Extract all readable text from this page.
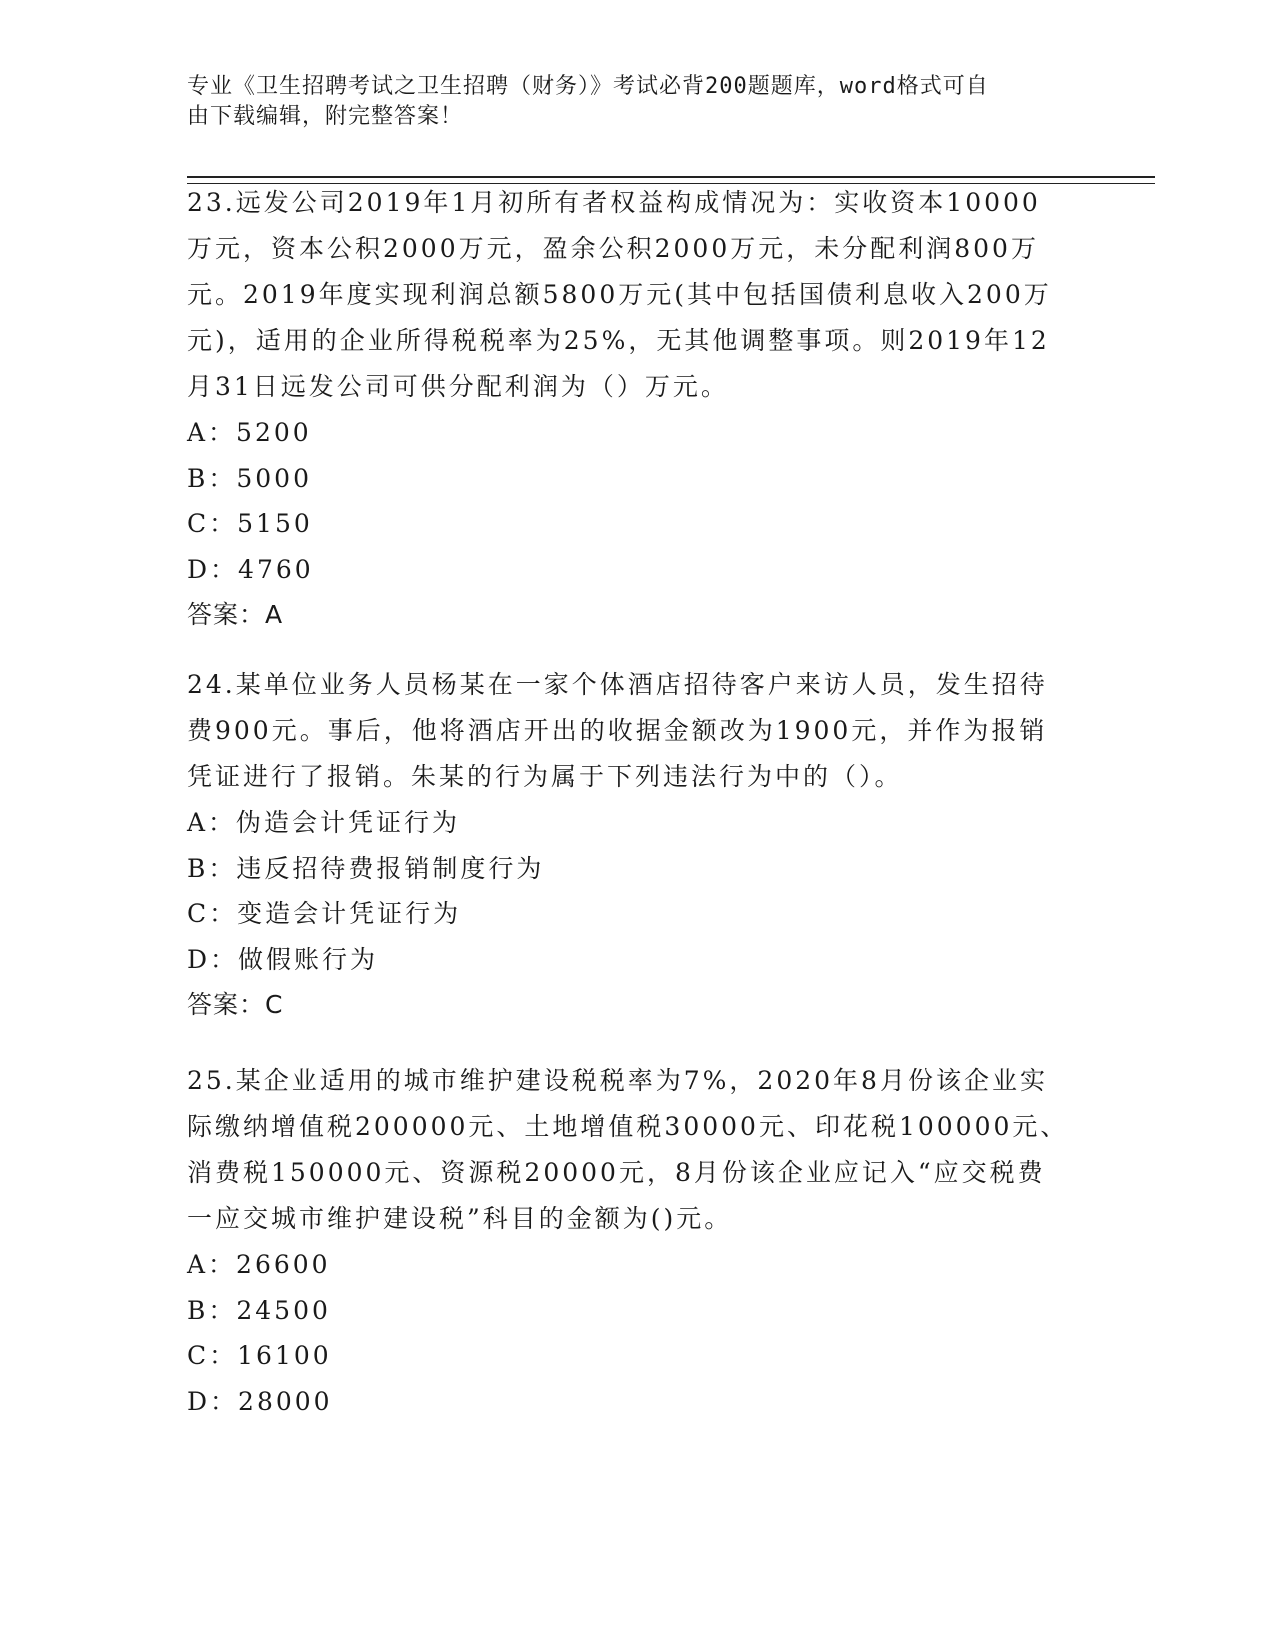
专业《卫生招聘考试之卫生招聘（财务）》考试必背200题题库，word格式可自
由下载编辑，附完整答案！

23.远发公司2019年1月初所有者权益构成情况为：实收资本10000

万元，资本公积2000万元，盈余公积2000万元，未分配利润800万

元。2019年度实现利润总额5800万元(其中包括国债利息收入200万

元)，适用的企业所得税税率为25%，无其他调整事项。则2019年12

月31日远发公司可供分配利润为（）万元。

A：5200

B：5000

C：5150

D：4760

答案：A

24.某单位业务人员杨某在一家个体酒店招待客户来访人员，发生招待

费900元。事后，他将酒店开出的收据金额改为1900元，并作为报销

凭证进行了报销。朱某的行为属于下列违法行为中的（）。

A：伪造会计凭证行为

B：违反招待费报销制度行为

C：变造会计凭证行为

D：做假账行为

答案：C

25.某企业适用的城市维护建设税税率为7%，2020年8月份该企业实

际缴纳增值税200000元、土地增值税30000元、印花税100000元、

消费税150000元、资源税20000元，8月份该企业应记入“应交税费

一应交城市维护建设税”科目的金额为()元。

A：26600

B：24500

C：16100

D：28000
